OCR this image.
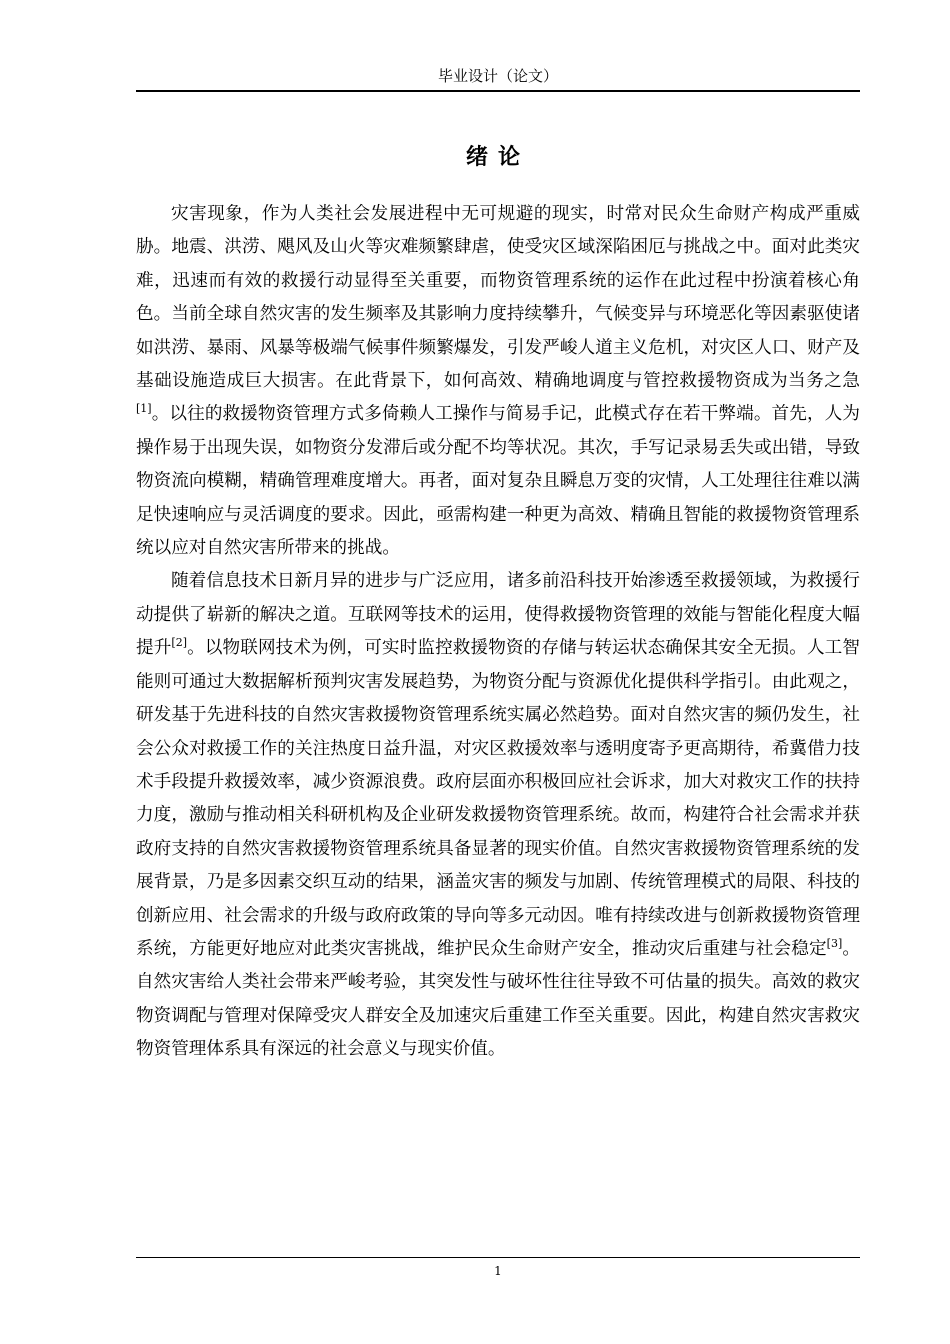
毕业设计（论文）
绪论

灾害现象，作为人类社会发展进程中无可规避的现实，时常对民众生命财产构成严重威胁。地震、洪涝、飓风及山火等灾难频繁肆虐，使受灾区域深陷困厄与挑战之中。面对此类灾难，迅速而有效的救援行动显得至关重要，而物资管理系统的运作在此过程中扮演着核心角色。当前全球自然灾害的发生频率及其影响力度持续攀升，气候变异与环境恶化等因素驱使诸如洪涝、暴雨、风暴等极端气候事件频繁爆发，引发严峻人道主义危机，对灾区人口、财产及基础设施造成巨大损害。在此背景下，如何高效、精确地调度与管控救援物资成为当务之急[1]。以往的救援物资管理方式多倚赖人工操作与简易手记，此模式存在若干弊端。首先，人为操作易于出现失误，如物资分发滞后或分配不均等状况。其次，手写记录易丢失或出错，导致物资流向模糊，精确管理难度增大。再者，面对复杂且瞬息万变的灾情，人工处理往往难以满足快速响应与灵活调度的要求。因此，亟需构建一种更为高效、精确且智能的救援物资管理系统以应对自然灾害所带来的挑战。

随着信息技术日新月异的进步与广泛应用，诸多前沿科技开始渗透至救援领域，为救援行动提供了崭新的解决之道。互联网等技术的运用，使得救援物资管理的效能与智能化程度大幅提升[2]。以物联网技术为例，可实时监控救援物资的存储与转运状态确保其安全无损。人工智能则可通过大数据解析预判灾害发展趋势，为物资分配与资源优化提供科学指引。由此观之，研发基于先进科技的自然灾害救援物资管理系统实属必然趋势。面对自然灾害的频仍发生，社会公众对救援工作的关注热度日益升温，对灾区救援效率与透明度寄予更高期待，希冀借力技术手段提升救援效率，减少资源浪费。政府层面亦积极回应社会诉求，加大对救灾工作的扶持力度，激励与推动相关科研机构及企业研发救援物资管理系统。故而，构建符合社会需求并获政府支持的自然灾害救援物资管理系统具备显著的现实价值。自然灾害救援物资管理系统的发展背景，乃是多因素交织互动的结果，涵盖灾害的频发与加剧、传统管理模式的局限、科技的创新应用、社会需求的升级与政府政策的导向等多元动因。唯有持续改进与创新救援物资管理系统，方能更好地应对此类灾害挑战，维护民众生命财产安全，推动灾后重建与社会稳定[3]。自然灾害给人类社会带来严峻考验，其突发性与破坏性往往导致不可估量的损失。高效的救灾物资调配与管理对保障受灾人群安全及加速灾后重建工作至关重要。因此，构建自然灾害救灾物资管理体系具有深远的社会意义与现实价值。

1
